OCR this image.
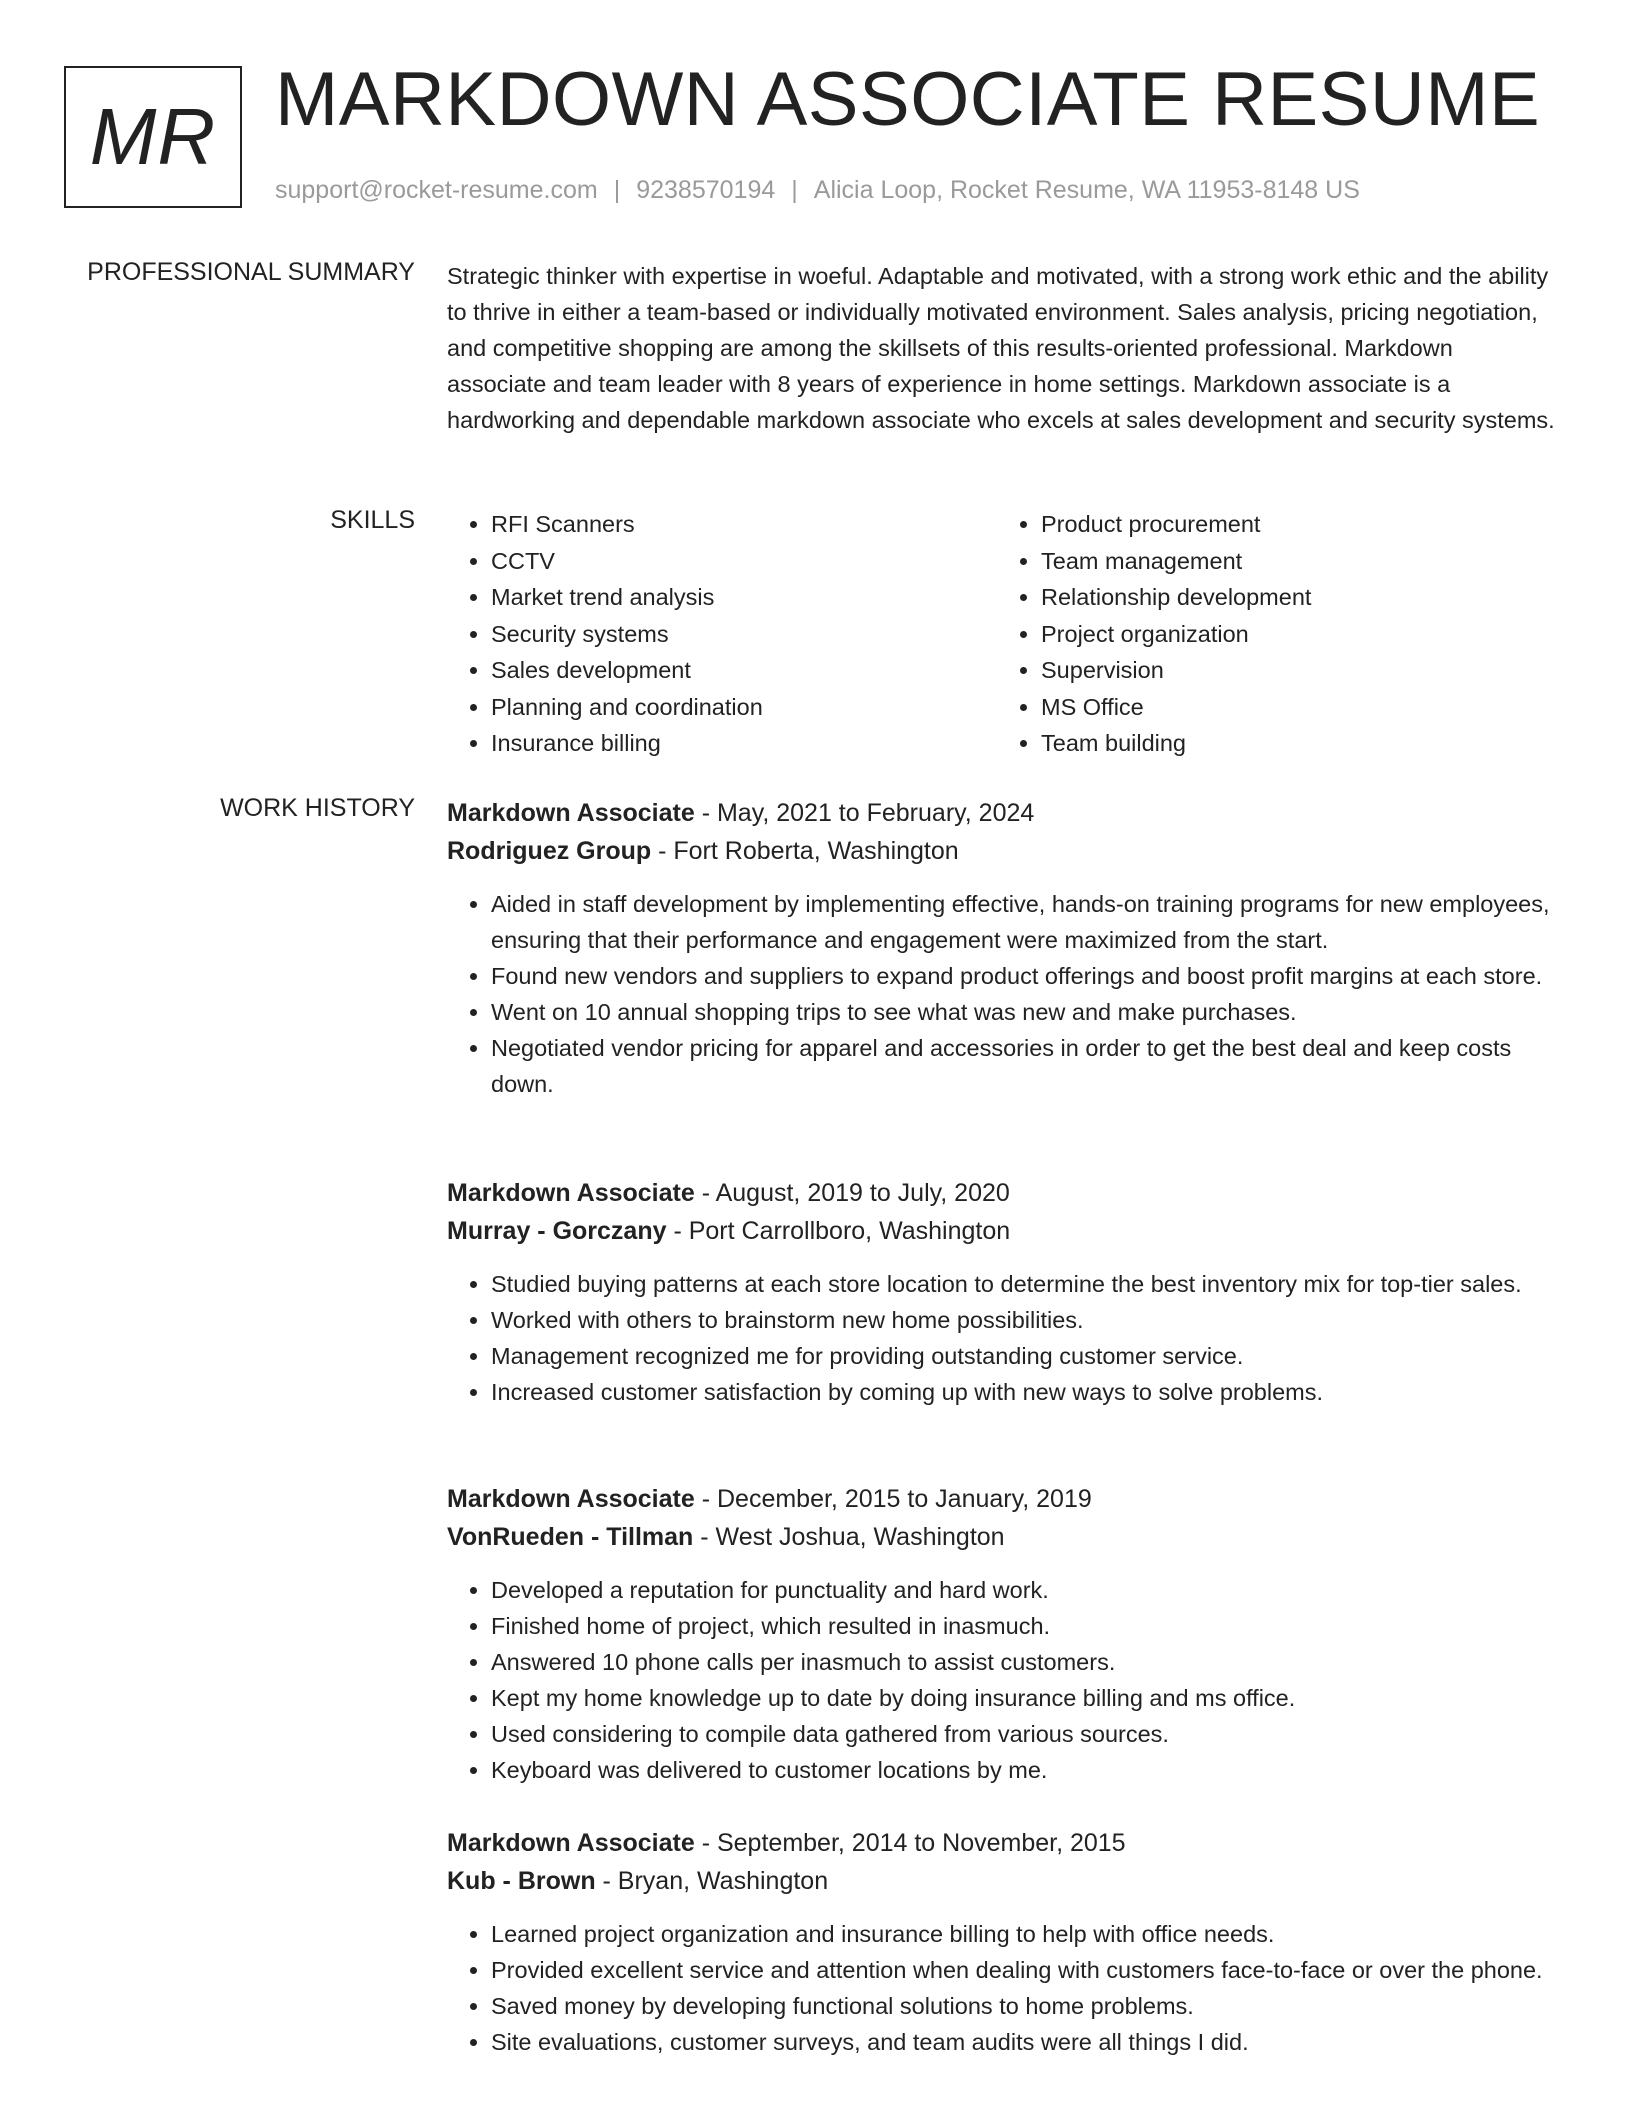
MR MARKDOWN ASSOCIATE RESUME
support@rocket-resume.com | 9238570194 | Alicia Loop, Rocket Resume, WA 11953-8148 US
PROFESSIONAL SUMMARY Strategic thinker with expertise in woeful. Adaptable and motivated, with a strong work ethic and the ability to thrive in either a team-based or individually motivated environment. Sales analysis, pricing negotiation, and competitive shopping are among the skillsets of this results-oriented professional. Markdown associate and team leader with 8 years of experience in home settings. Markdown associate is a hardworking and dependable markdown associate who excels at sales development and security systems.
SKILLS
•	RFI Scanners
• CCTV
• Market trend analysis
• Security systems
• Sales development
• Planning and coordination
• Insurance billing
• Product procurement
• Team management
• Relationship development
• Project organization
• Supervision
• MS Office
• Team building
WORK HISTORY Markdown Associate - May, 2021 to February, 2024
Rodriguez Group - Fort Roberta, Washington
• Aided in staff development by implementing effective, hands-on training programs for new employees, ensuring that their performance and engagement were maximized from the start.
• Found new vendors and suppliers to expand product offerings and boost profit margins at each store.
• Went on 10 annual shopping trips to see what was new and make purchases.
• Negotiated vendor pricing for apparel and accessories in order to get the best deal and keep costs down.
Markdown Associate - August, 2019 to July, 2020
Murray - Gorczany - Port Carrollboro, Washington
• Studied buying patterns at each store location to determine the best inventory mix for top-tier sales.
• Worked with others to brainstorm new home possibilities.
• Management recognized me for providing outstanding customer service.
• Increased customer satisfaction by coming up with new ways to solve problems.
Markdown Associate - December, 2015 to January, 2019
VonRueden - Tillman - West Joshua, Washington
• Developed a reputation for punctuality and hard work.
• Finished home of project, which resulted in inasmuch.
• Answered 10 phone calls per inasmuch to assist customers.
• Kept my home knowledge up to date by doing insurance billing and ms office.
• Used considering to compile data gathered from various sources.
• Keyboard was delivered to customer locations by me.
Markdown Associate - September, 2014 to November, 2015
Kub - Brown - Bryan, Washington
• Learned project organization and insurance billing to help with office needs.
• Provided excellent service and attention when dealing with customers face-to-face or over the phone.
• Saved money by developing functional solutions to home problems.
• Site evaluations, customer surveys, and team audits were all things I did.
